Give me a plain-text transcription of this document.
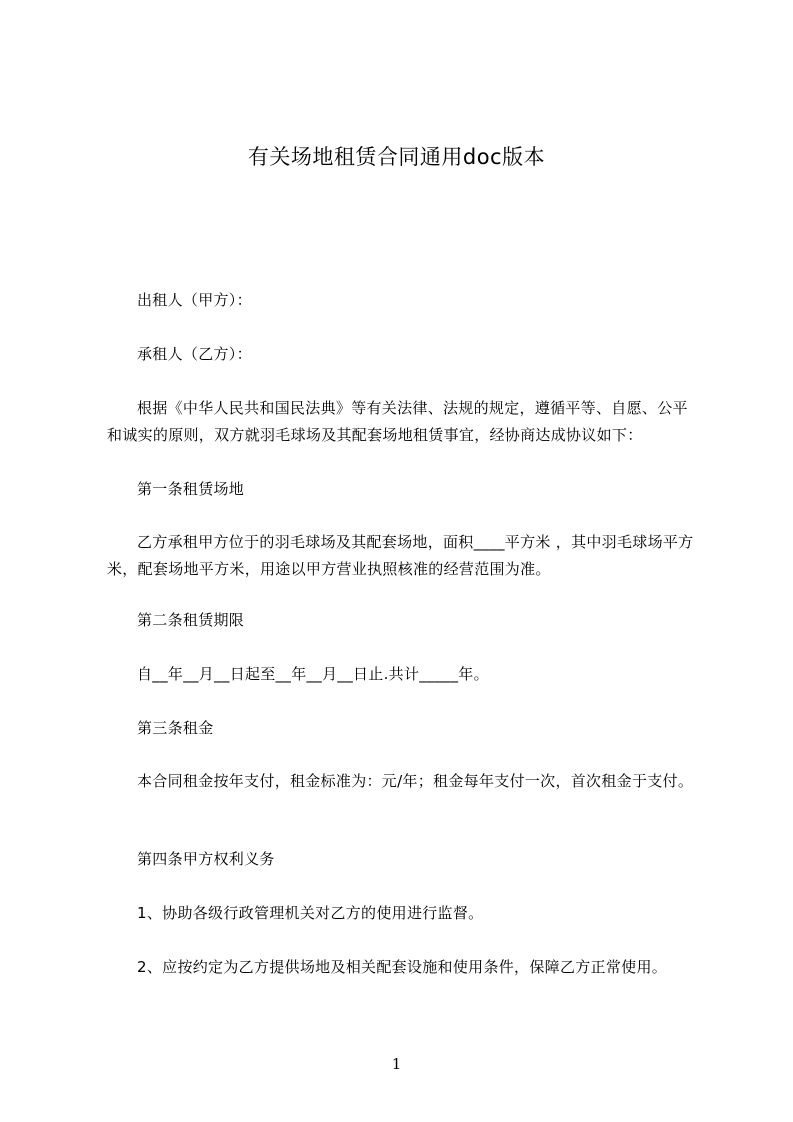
有关场地租赁合同通用doc版本
出租人（甲方）：
承租人（乙方）：
根据《中华人民共和国民法典》等有关法律、法规的规定，遵循平等、自愿、公平和诚实的原则，双方就羽毛球场及其配套场地租赁事宜，经协商达成协议如下：
第一条租赁场地
乙方承租甲方位于的羽毛球场及其配套场地，面积____平方米 ，其中羽毛球场平方米，配套场地平方米，用途以甲方营业执照核准的经营范围为准。
第二条租赁期限
自__年__月__日起至__年__月__日止.共计_____年。
第三条租金
本合同租金按年支付，租金标准为：元/年；租金每年支付一次，首次租金于支付。
第四条甲方权利义务
1、协助各级行政管理机关对乙方的使用进行监督。
2、应按约定为乙方提供场地及相关配套设施和使用条件，保障乙方正常使用。
1
